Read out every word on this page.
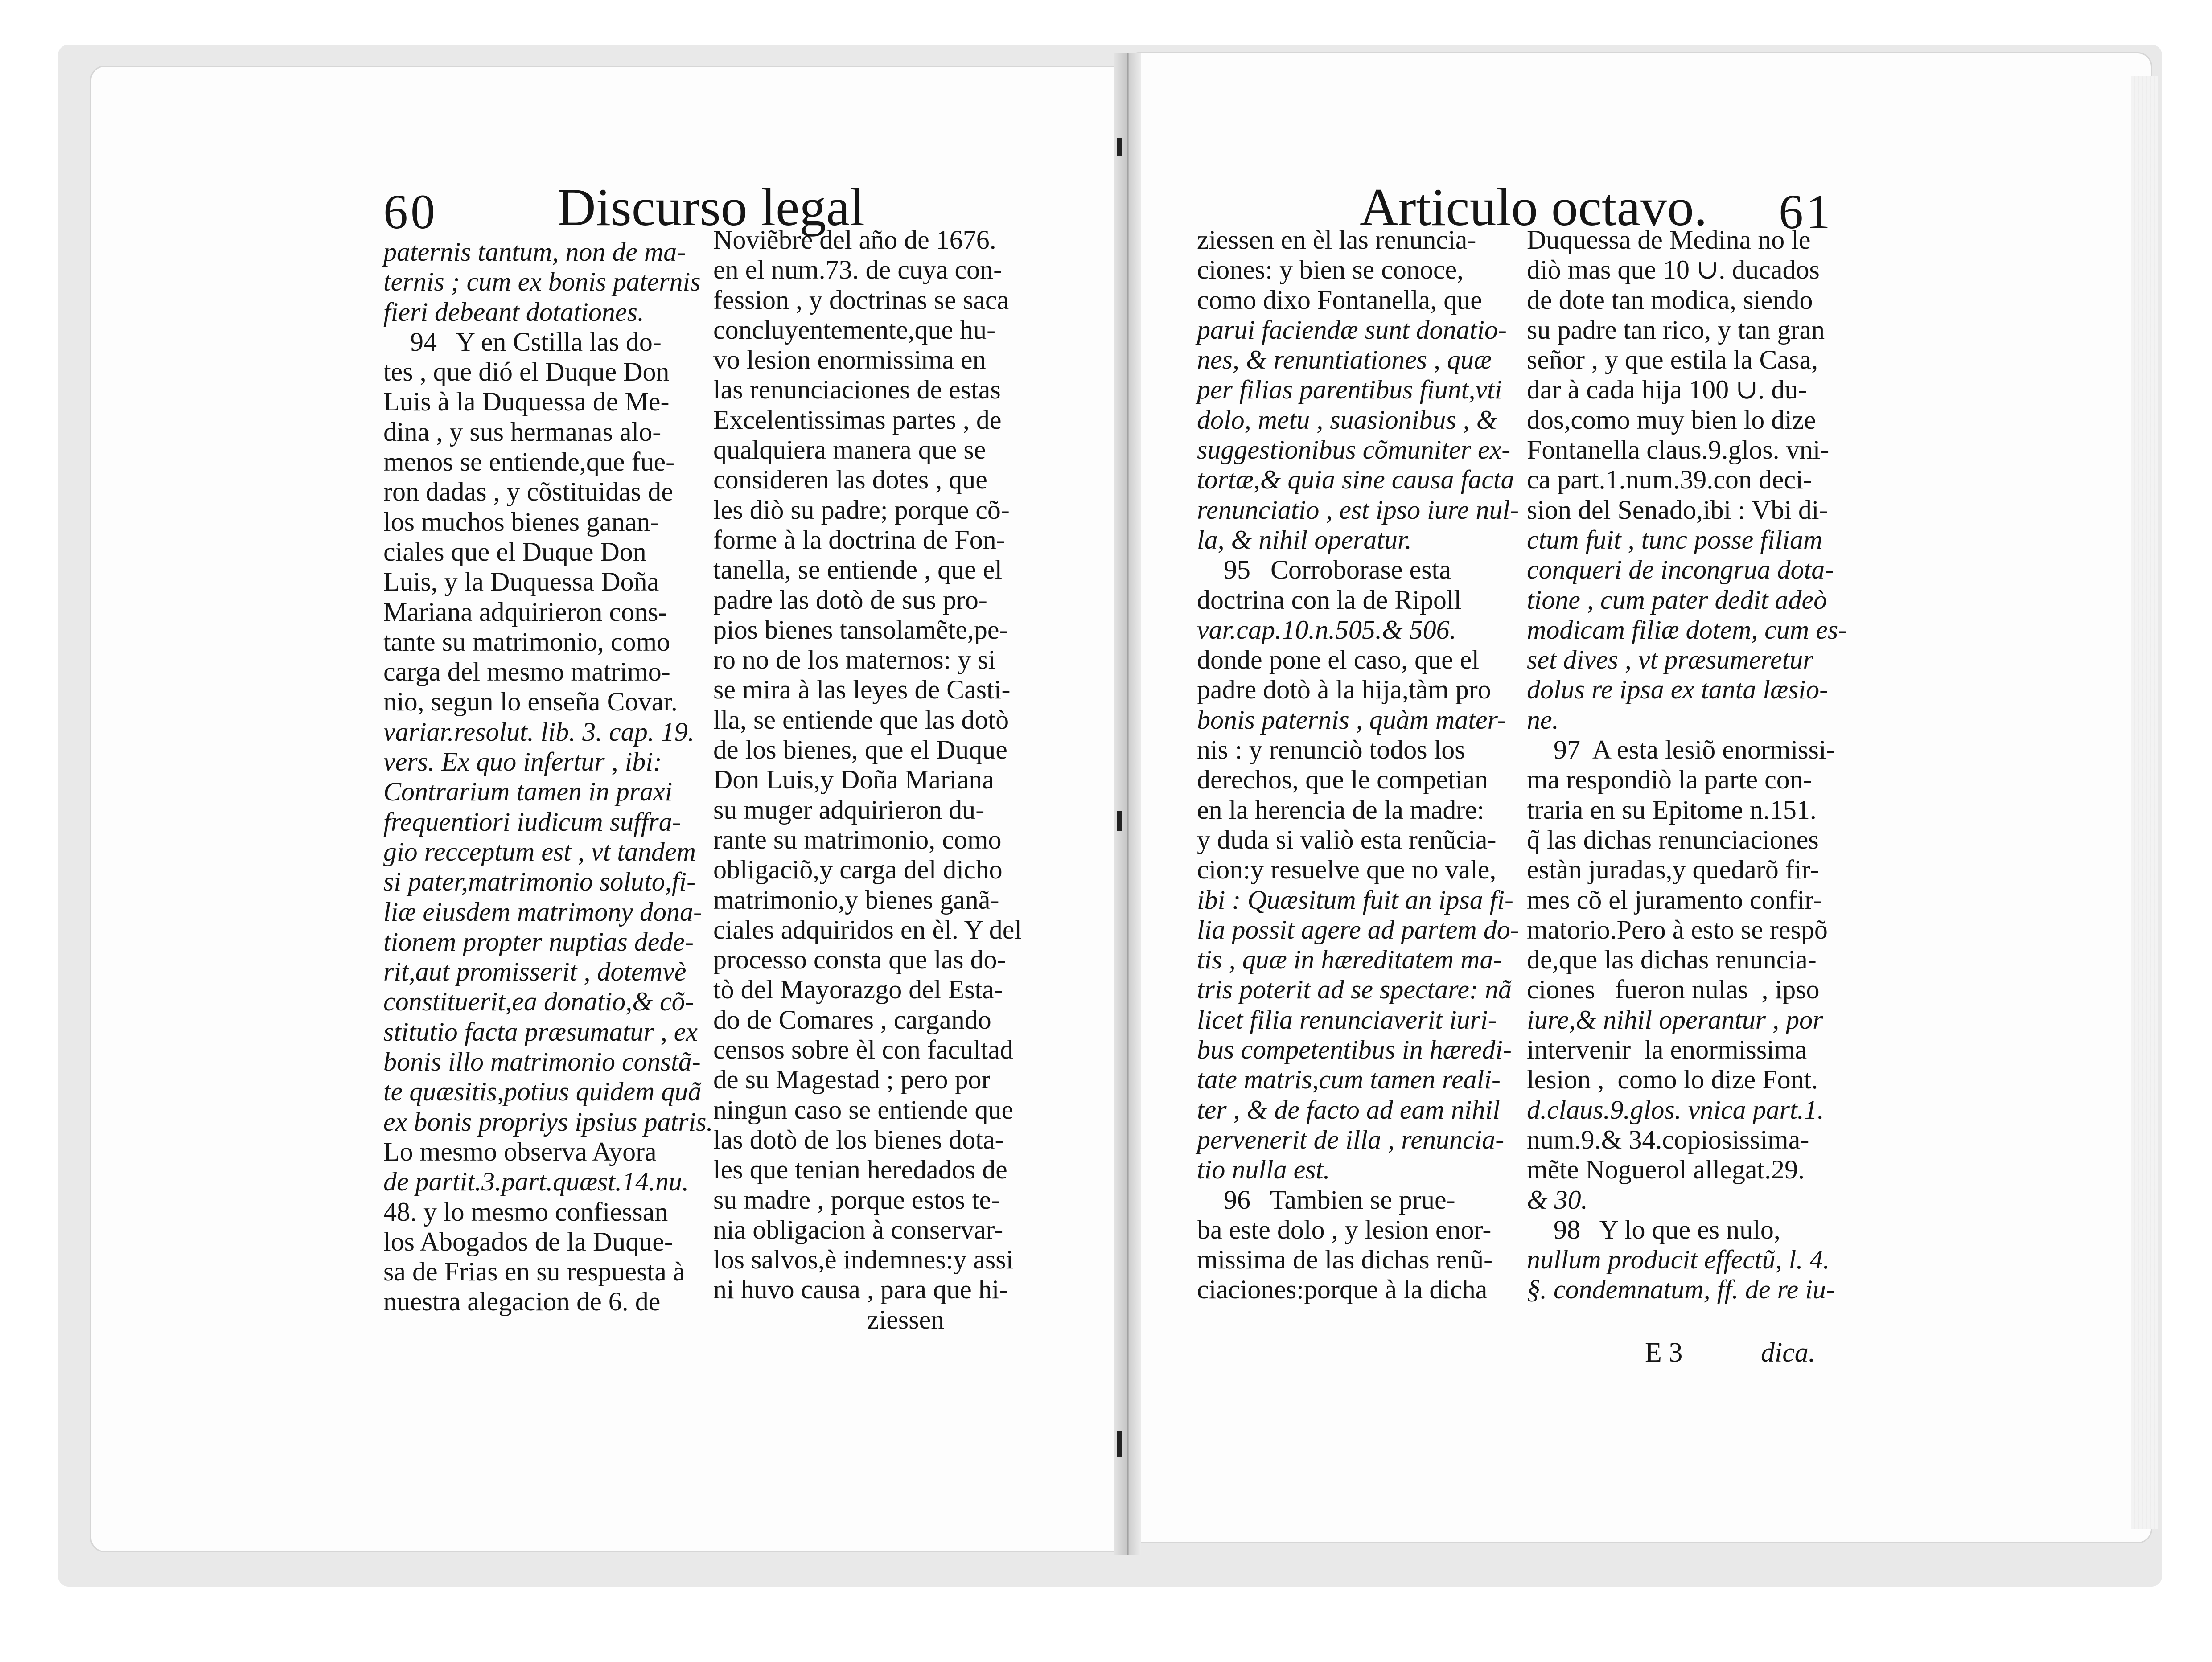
60 Discurso legal	Articulo octavo. 61
paternis tantum, non de ma-
ternis ; cum ex bonis paternis
fieri debeant dotationes.
94   Y en Cstilla las do-
tes , que dió el Duque Don
Luis à la Duquessa de Me-
dina , y sus hermanas alo-
menos se entiende,que fue-
ron dadas , y cõstituidas de
los muchos bienes ganan-
ciales que el Duque Don
Luis, y la Duquessa Doña
Mariana adquirieron cons-
tante su matrimonio, como
carga del mesmo matrimo-
nio, segun lo enseña Covar.
variar.resolut. lib. 3. cap. 19.
vers. Ex quo infertur , ibi:
Contrarium tamen in praxi
frequentiori iudicum suffra-
gio recceptum est , vt tandem
si pater,matrimonio soluto,fi-
liæ eiusdem matrimony dona-
tionem propter nuptias dede-
rit,aut promisserit , dotemvè
constituerit,ea donatio,& cõ-
stitutio facta præsumatur , ex
bonis illo matrimonio constã-
te quæsitis,potius quidem quã
ex bonis propriys ipsius patris.
Lo mesmo observa Ayora
de partit.3.part.quæst.14.nu.
48. y lo mesmo confiessan
los Abogados de la Duque-
sa de Frias en su respuesta à
nuestra alegacion de 6. de
Noviẽbre del año de 1676.
en el num.73. de cuya con-
fession , y doctrinas se saca
concluyentemente,que hu-
vo lesion enormissima en
las renunciaciones de estas
Excelentissimas partes , de
qualquiera manera que se
consideren las dotes , que
les diò su padre; porque cõ-
forme à la doctrina de Fon-
tanella, se entiende , que el
padre las dotò de sus pro-
pios bienes tansolamẽte,pe-
ro no de los maternos: y si
se mira à las leyes de Casti-
lla, se entiende que las dotò
de los bienes, que el Duque
Don Luis,y Doña Mariana
su muger adquirieron du-
rante su matrimonio, como
obligaciõ,y carga del dicho
matrimonio,y bienes ganã-
ciales adquiridos en èl. Y del
processo consta que las do-
tò del Mayorazgo del Esta-
do de Comares , cargando
censos sobre èl con facultad
de su Magestad ; pero por
ningun caso se entiende que
las dotò de los bienes dota-
les que tenian heredados de
su madre , porque estos te-
nia obligacion à conservar-
los salvos,è indemnes:y assi
ni huvo causa , para que hi-
ziessen
ziessen en èl las renuncia-
ciones: y bien se conoce,
como dixo Fontanella, que
parui faciendæ sunt donatio-
nes, & renuntiationes , quæ
per filias parentibus fiunt,vti
dolo, metu , suasionibus , &
suggestionibus cõmuniter ex-
tortæ,& quia sine causa facta
renunciatio , est ipso iure nul-
la, & nihil operatur.
95   Corroborase esta
doctrina con la de Ripoll
var.cap.10.n.505.& 506.
donde pone el caso, que el
padre dotò à la hija,tàm pro
bonis paternis , quàm mater-
nis : y renunciò todos los
derechos, que le competian
en la herencia de la madre:
y duda si valiò esta renũcia-
cion:y resuelve que no vale,
ibi : Quæsitum fuit an ipsa fi-
lia possit agere ad partem do-
tis , quæ in hæreditatem ma-
tris poterit ad se spectare: nã
licet filia renunciaverit iuri-
bus competentibus in hæredi-
tate matris,cum tamen reali-
ter , & de facto ad eam nihil
pervenerit de illa , renuncia-
tio nulla est.
96   Tambien se prue-
ba este dolo , y lesion enor-
missima de las dichas renũ-
ciaciones:porque à la dicha
Duquessa de Medina no le
diò mas que 10 ∪. ducados
de dote tan modica, siendo
su padre tan rico, y tan gran
señor , y que estila la Casa,
dar à cada hija 100 ∪. du-
dos,como muy bien lo dize
Fontanella claus.9.glos. vni-
ca part.1.num.39.con deci-
sion del Senado,ibi : Vbi di-
ctum fuit , tunc posse filiam
conqueri de incongrua dota-
tione , cum pater dedit adeò
modicam filiæ dotem, cum es-
set dives , vt præsumeretur
dolus re ipsa ex tanta læsio-
ne.
97  A esta lesiõ enormissi-
ma respondiò la parte con-
traria en su Epitome n.151.
q̃ las dichas renunciaciones
estàn juradas,y quedarõ fir-
mes cõ el juramento confir-
matorio.Pero à esto se respõ
de,que las dichas renuncia-
ciones   fueron nulas  , ipso
iure,& nihil operantur , por
intervenir  la enormissima
lesion ,  como lo dize Font.
d.claus.9.glos. vnica part.1.
num.9.& 34.copiosissima-
mẽte Noguerol allegat.29.
& 30.
98   Y lo que es nulo,
nullum producit effectũ, l. 4.
§. condemnatum, ff. de re iu-
E 3	dica.
